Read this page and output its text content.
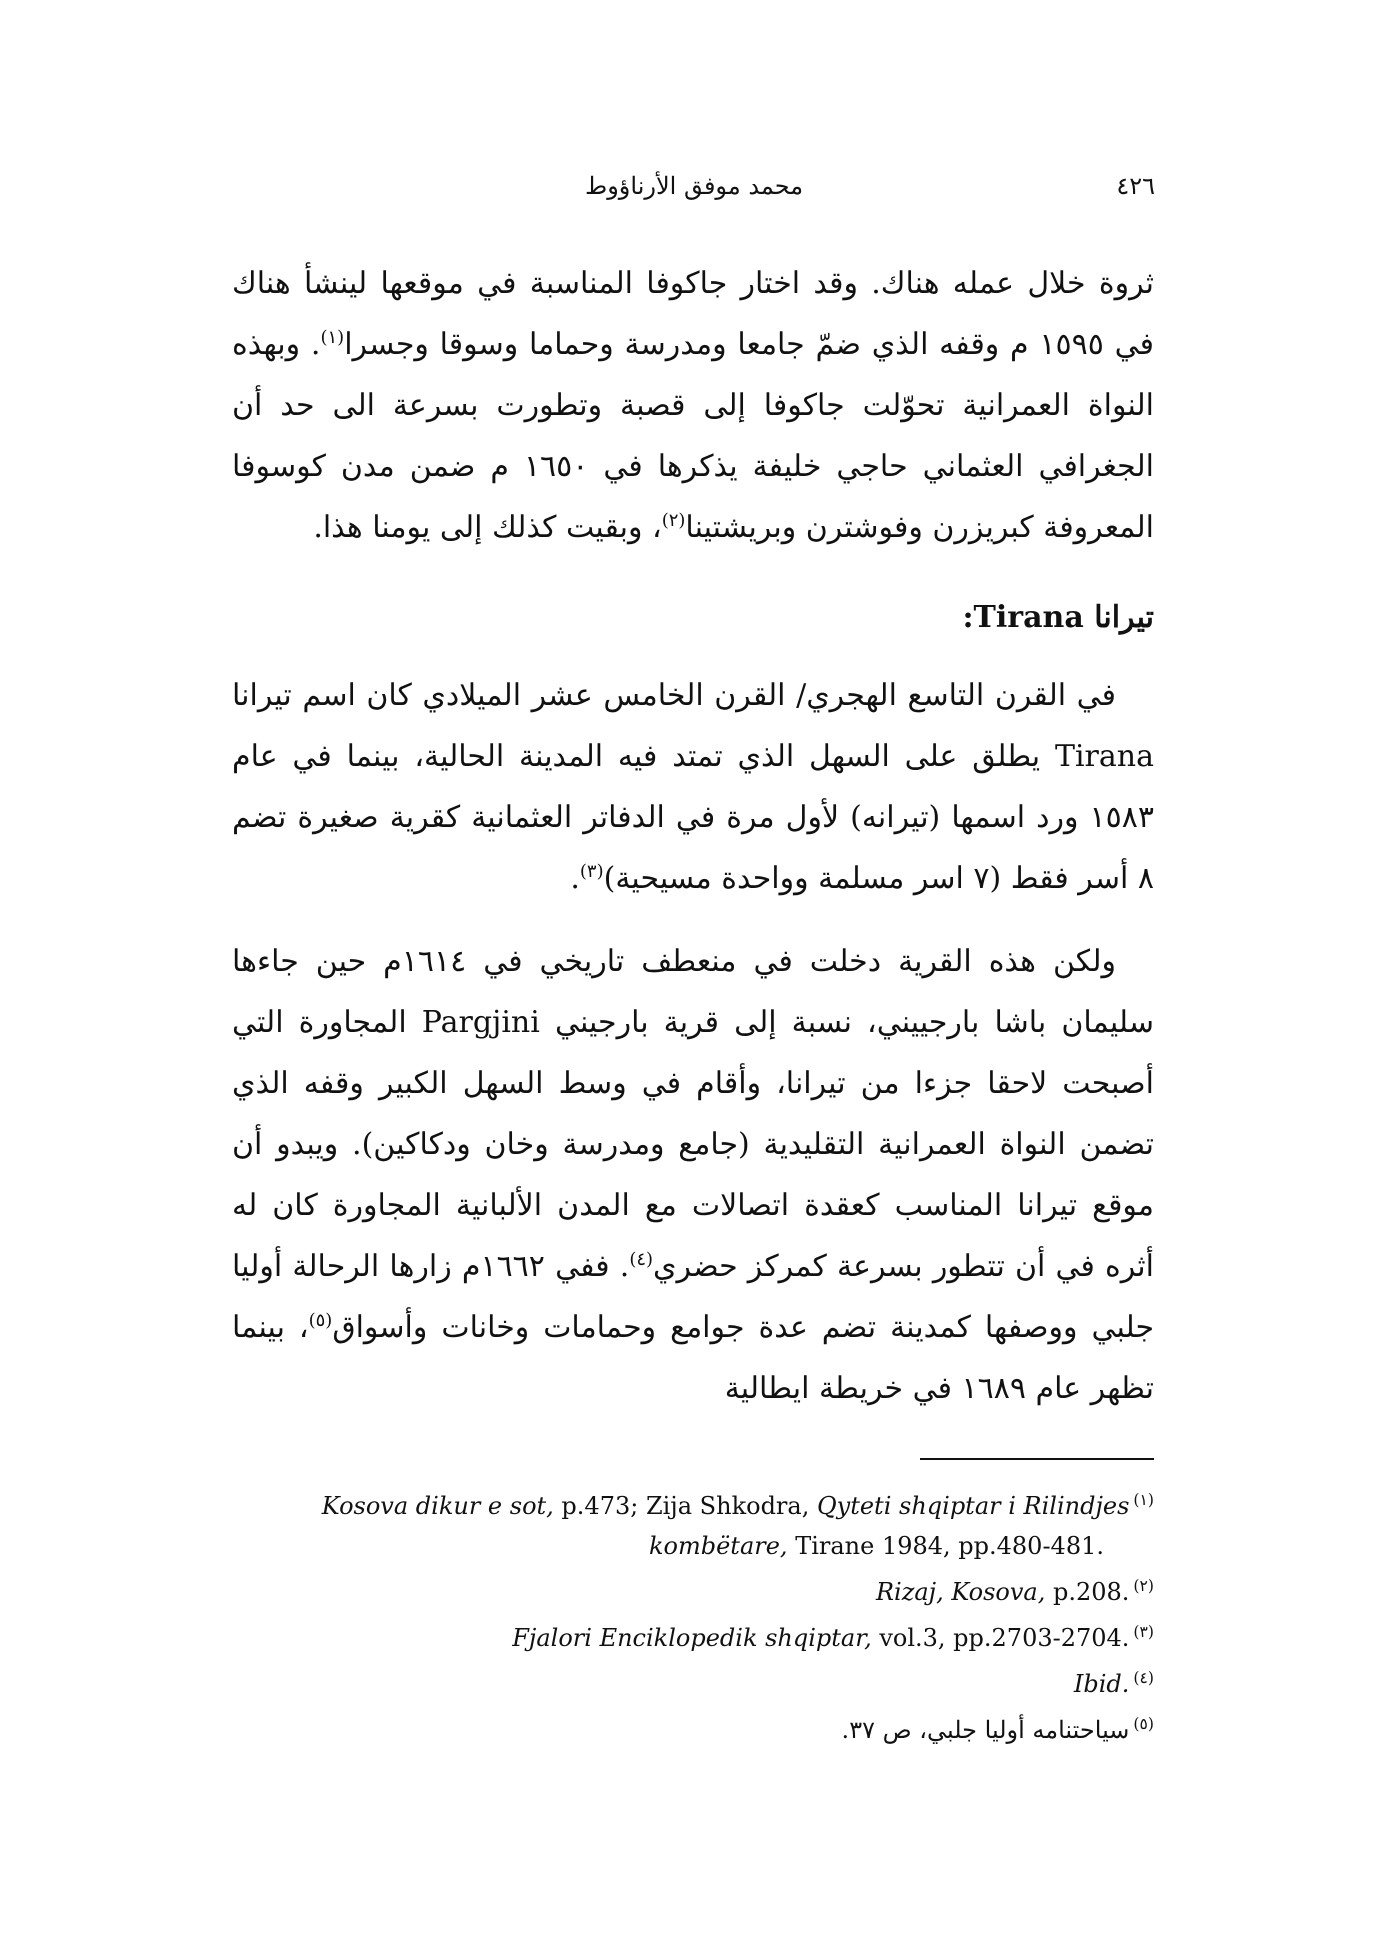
٤٢٦
محمد موفق الأرناؤوط

ثروة خلال عمله هناك. وقد اختار جاكوفا المناسبة في موقعها لينشأ هناك في ١٥٩٥ م وقفه الذي ضمّ جامعا ومدرسة وحماما وسوقا وجسرا$^{(١)}$. وبهذه النواة العمرانية تحوّلت جاكوفا إلى قصبة وتطورت بسرعة الى حد أن الجغرافي العثماني حاجي خليفة يذكرها في ١٦٥٠ م ضمن مدن كوسوفا المعروفة كبريزرن وفوشترن وبريشتينا$^{(٢)}$، وبقيت كذلك إلى يومنا هذا.

تيرانا Tirana:

في القرن التاسع الهجري/ القرن الخامس عشر الميلادي كان اسم تيرانا Tirana يطلق على السهل الذي تمتد فيه المدينة الحالية، بينما في عام ١٥٨٣ ورد اسمها (تيرانه) لأول مرة في الدفاتر العثمانية كقرية صغيرة تضم ٨ أسر فقط (٧ اسر مسلمة وواحدة مسيحية)$^{(٣)}$.

ولكن هذه القرية دخلت في منعطف تاريخي في ١٦١٤م حين جاءها سليمان باشا بارجييني، نسبة إلى قرية بارجيني Pargjini المجاورة التي أصبحت لاحقا جزءا من تيرانا، وأقام في وسط السهل الكبير وقفه الذي تضمن النواة العمرانية التقليدية (جامع ومدرسة وخان ودكاكين). ويبدو أن موقع تيرانا المناسب كعقدة اتصالات مع المدن الألبانية المجاورة كان له أثره في أن تتطور بسرعة كمركز حضري$^{(٤)}$. ففي ١٦٦٢م زارها الرحالة أوليا جلبي ووصفها كمدينة تضم عدة جوامع وحمامات وخانات وأسواق$^{(٥)}$، بينما تظهر عام ١٦٨٩ في خريطة ايطالية

$^{(١)}$Kosova dikur e sot, p.473; Zija Shkodra, Qyteti shqiptar i Rilindjes
kombëtare, Tirane 1984, pp.480-481.
$^{(٢)}$Rizaj, Kosova, p.208.
$^{(٣)}$Fjalori Enciklopedik shqiptar, vol.3, pp.2703-2704.
$^{(٤)}$Ibid.
$^{(٥)}$سياحتنامه أوليا جلبي، ص ٣٧.
